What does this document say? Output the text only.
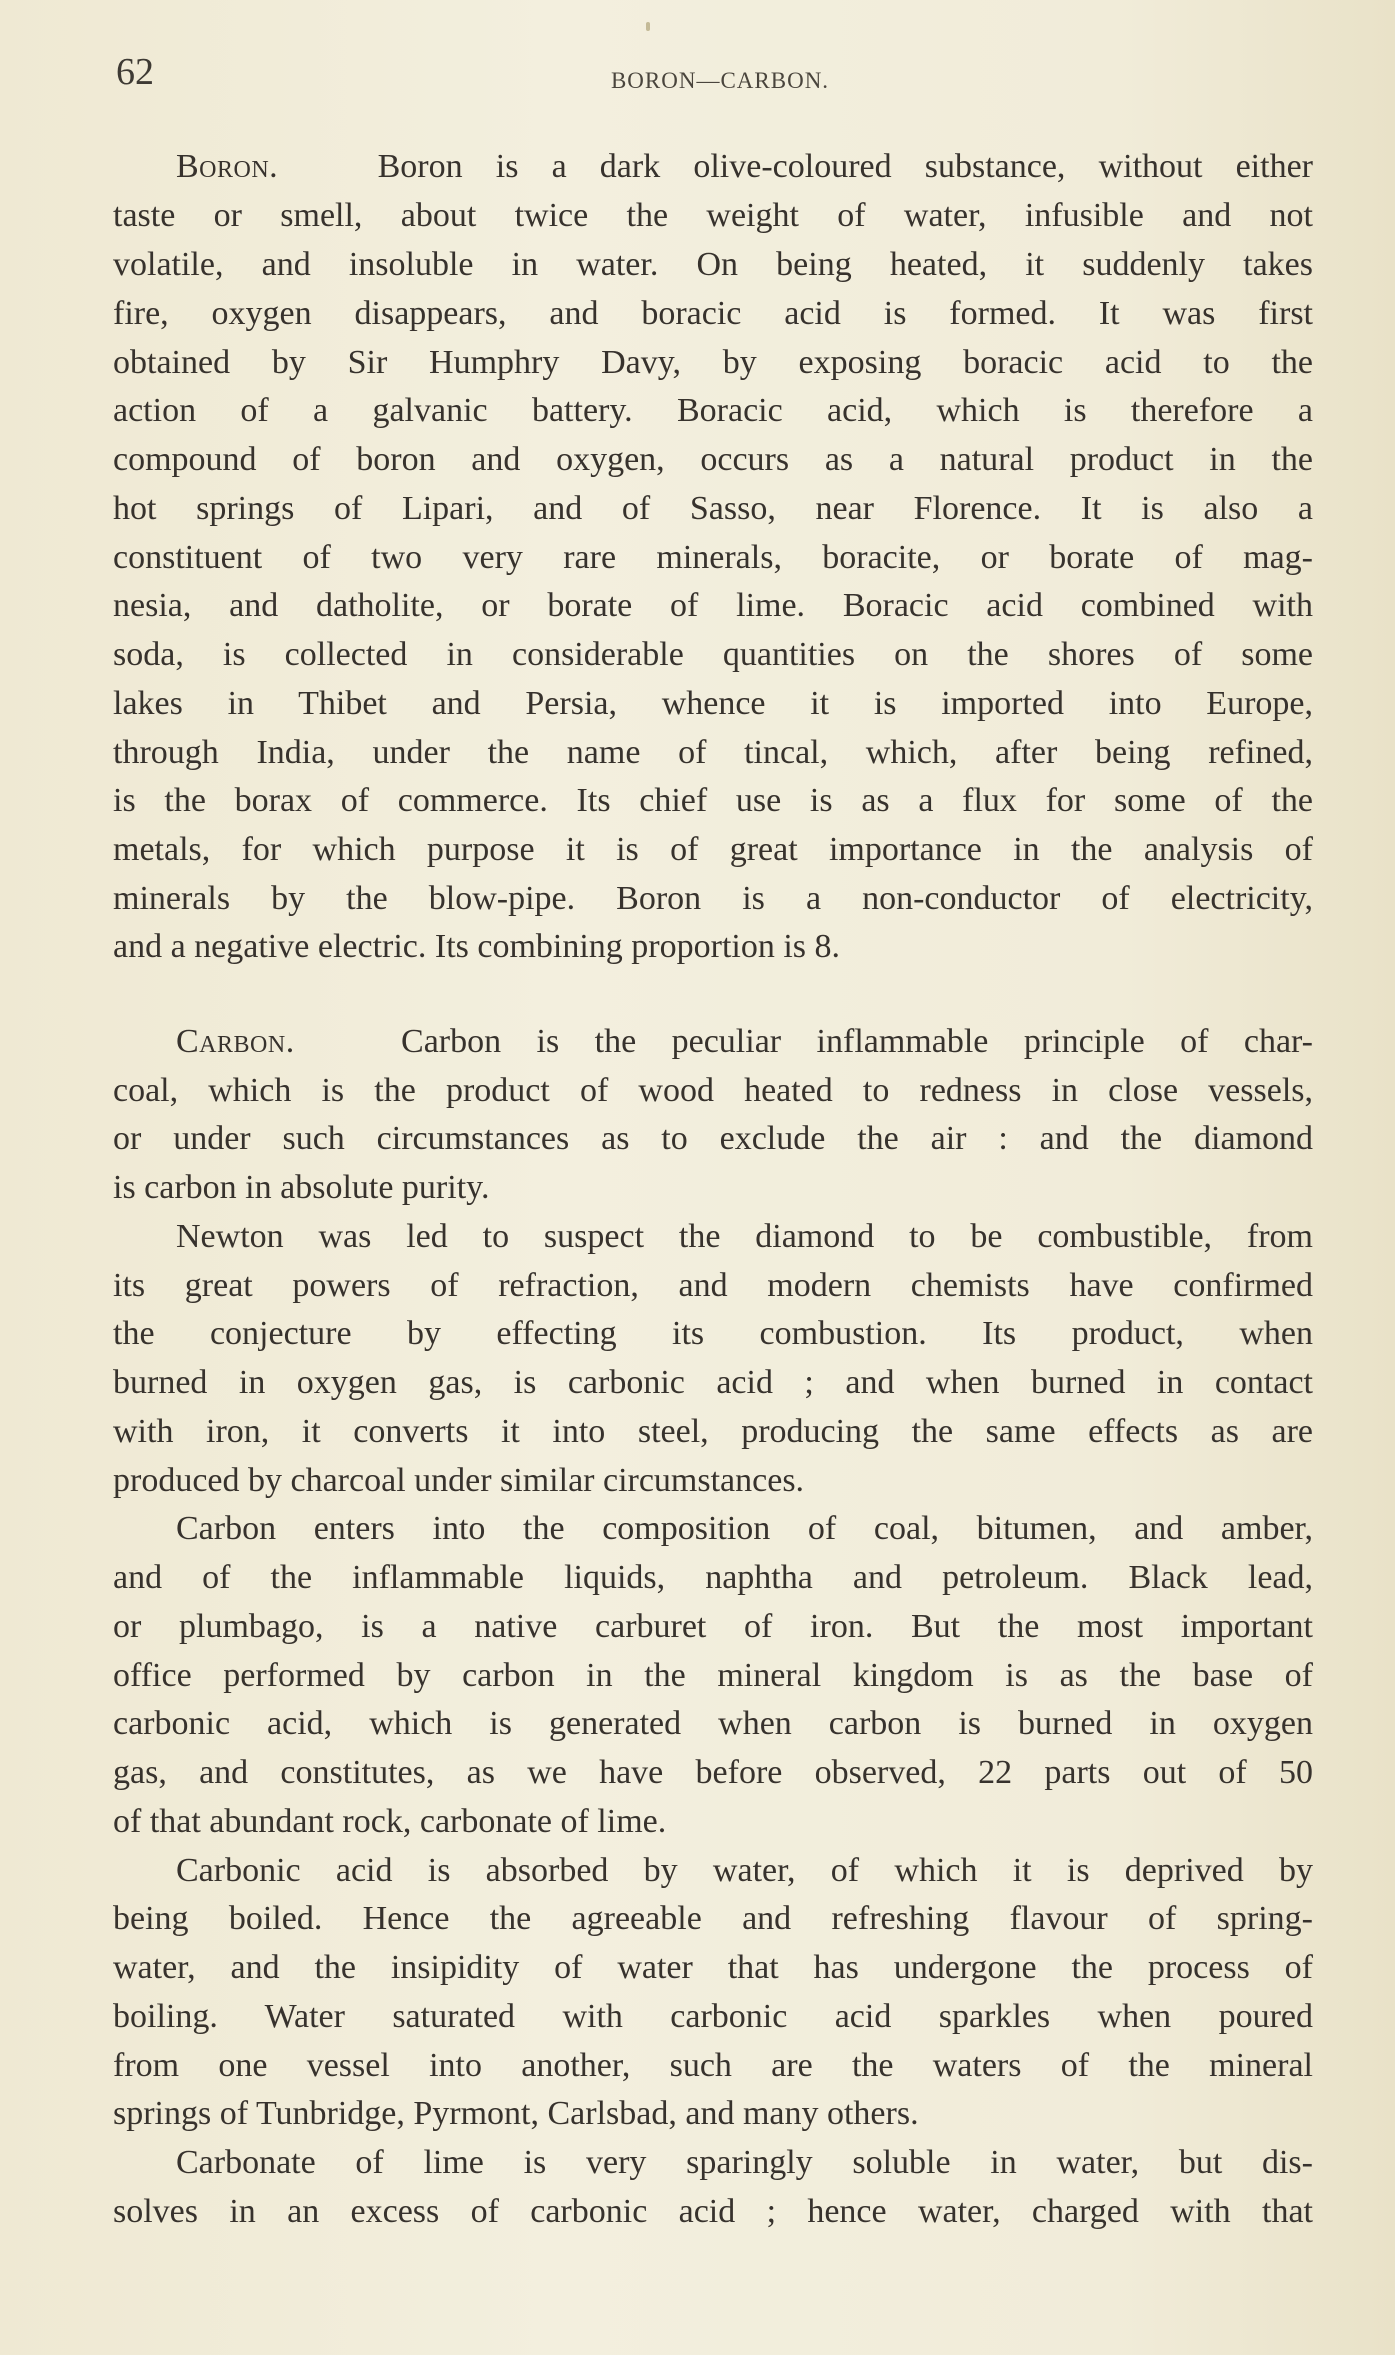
62	BORON—CARBON.
Boron.	Boron is a dark olive-coloured substance, without either
taste or smell, about twice the weight of water, infusible and not
volatile, and insoluble in water. On being heated, it suddenly takes
fire, oxygen disappears, and boracic acid is formed. It was first
obtained by Sir Humphry Davy, by exposing boracic acid to the
action of a galvanic battery. Boracic acid, which is therefore a
compound of boron and oxygen, occurs as a natural product in the
hot springs of Lipari, and of Sasso, near Florence. It is also a
constituent of two very rare minerals, boracite, or borate of mag-
nesia, and datholite, or borate of lime. Boracic acid combined with
soda, is collected in considerable quantities on the shores of some
lakes in Thibet and Persia, whence it is imported into Europe,
through India, under the name of tincal, which, after being refined,
is the borax of commerce. Its chief use is as a flux for some of the
metals, for which purpose it is of great importance in the analysis of
minerals by the blow-pipe. Boron is a non-conductor of electricity,
and a negative electric. Its combining proportion is 8.
Carbon.	Carbon is the peculiar inflammable principle of char-
coal, which is the product of wood heated to redness in close vessels,
or under such circumstances as to exclude the air : and the diamond
is carbon in absolute purity.
Newton was led to suspect the diamond to be combustible, from
its great powers of refraction, and modern chemists have confirmed
the conjecture by effecting its combustion. Its product, when
burned in oxygen gas, is carbonic acid ; and when burned in contact
with iron, it converts it into steel, producing the same effects as are
produced by charcoal under similar circumstances.
Carbon enters into the composition of coal, bitumen, and amber,
and of the inflammable liquids, naphtha and petroleum. Black lead,
or plumbago, is a native carburet of iron. But the most important
office performed by carbon in the mineral kingdom is as the base of
carbonic acid, which is generated when carbon is burned in oxygen
gas, and constitutes, as we have before observed, 22 parts out of 50
of that abundant rock, carbonate of lime.
Carbonic acid is absorbed by water, of which it is deprived by
being boiled. Hence the agreeable and refreshing flavour of spring-
water, and the insipidity of water that has undergone the process of
boiling. Water saturated with carbonic acid sparkles when poured
from one vessel into another, such are the waters of the mineral
springs of Tunbridge, Pyrmont, Carlsbad, and many others.
Carbonate of lime is very sparingly soluble in water, but dis-
solves in an excess of carbonic acid ; hence water, charged with that
